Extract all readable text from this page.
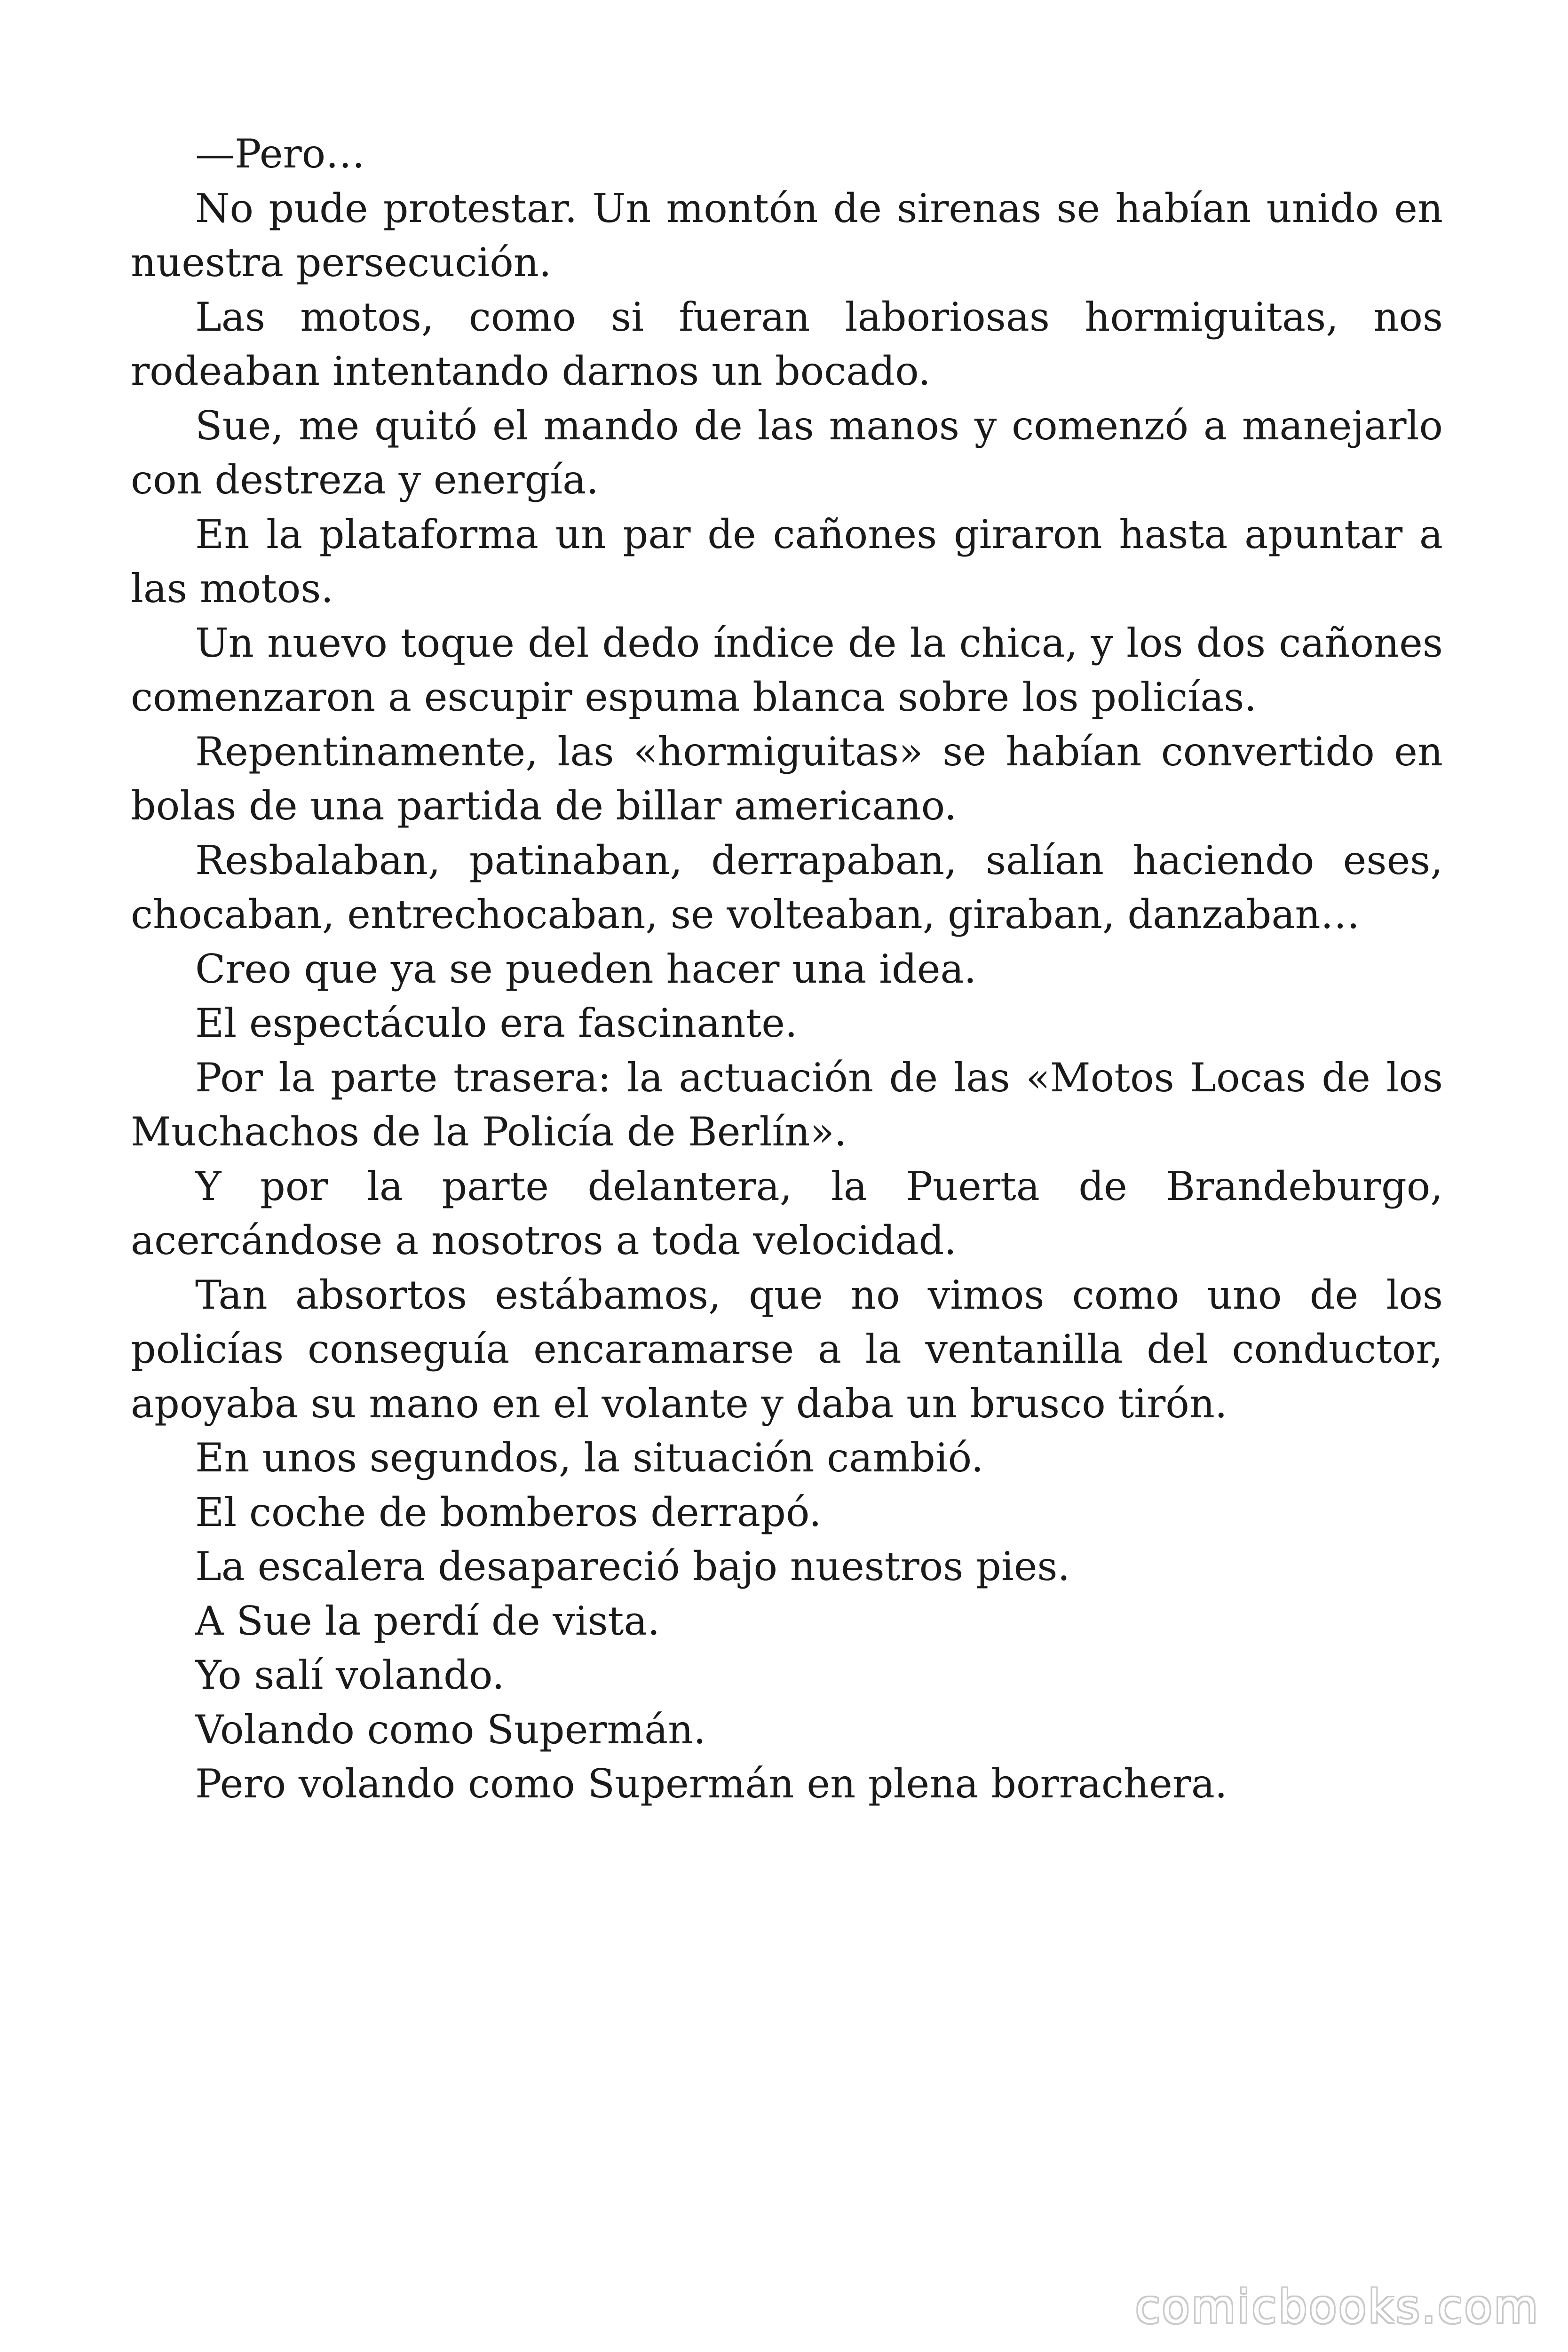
—Pero…

No pude protestar. Un montón de sirenas se habían unido en nuestra persecución.

Las motos, como si fueran laboriosas hormiguitas, nos rodeaban intentando darnos un bocado.

Sue, me quitó el mando de las manos y comenzó a manejarlo con destreza y energía.

En la plataforma un par de cañones giraron hasta apuntar a las motos.

Un nuevo toque del dedo índice de la chica, y los dos cañones comenzaron a escupir espuma blanca sobre los policías.

Repentinamente, las «hormiguitas» se habían convertido en bolas de una partida de billar americano.

Resbalaban, patinaban, derrapaban, salían haciendo eses, chocaban, entrechocaban, se volteaban, giraban, danzaban…

Creo que ya se pueden hacer una idea.

El espectáculo era fascinante.

Por la parte trasera: la actuación de las «Motos Locas de los Muchachos de la Policía de Berlín».

Y por la parte delantera, la Puerta de Brandeburgo, acercándose a nosotros a toda velocidad.

Tan absortos estábamos, que no vimos como uno de los policías conseguía encaramarse a la ventanilla del conductor, apoyaba su mano en el volante y daba un brusco tirón.

En unos segundos, la situación cambió.

El coche de bomberos derrapó.

La escalera desapareció bajo nuestros pies.

A Sue la perdí de vista.

Yo salí volando.

Volando como Supermán.

Pero volando como Supermán en plena borrachera.

comicbooks.com
